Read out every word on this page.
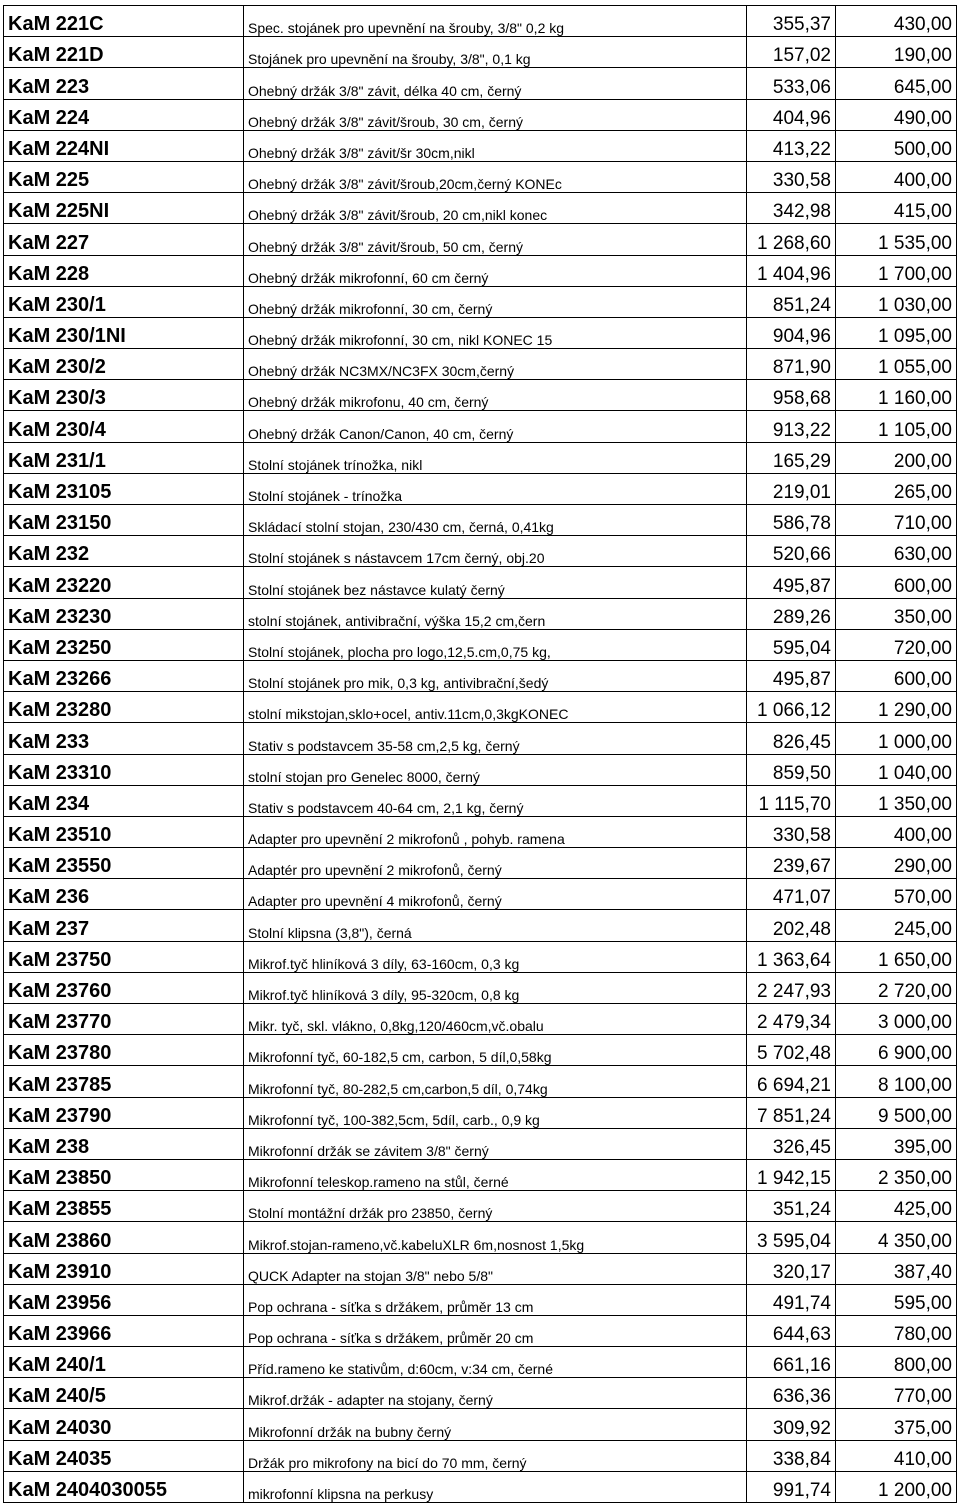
KaM 221C	Spec. stojánek pro upevnění na šrouby, 3/8" 0,2 kg	355,37	430,00
KaM 221D	Stojánek pro upevnění na šrouby, 3/8", 0,1 kg	157,02	190,00
KaM 223	Ohebný držák 3/8" závit, délka 40 cm, černý	533,06	645,00
KaM 224	Ohebný držák 3/8" závit/šroub, 30 cm, černý	404,96	490,00
KaM 224NI	Ohebný držák 3/8" závit/šr 30cm,nikl	413,22	500,00
KaM 225	Ohebný držák 3/8" závit/šroub,20cm,černý KONEc	330,58	400,00
KaM 225NI	Ohebný držák 3/8" závit/šroub, 20 cm,nikl konec	342,98	415,00
KaM 227	Ohebný držák 3/8" závit/šroub, 50 cm, černý	1 268,60	1 535,00
KaM 228	Ohebný držák mikrofonní, 60 cm černý	1 404,96	1 700,00
KaM 230/1	Ohebný držák mikrofonní, 30 cm, černý	851,24	1 030,00
KaM 230/1NI	Ohebný držák mikrofonní, 30 cm, nikl KONEC 15	904,96	1 095,00
KaM 230/2	Ohebný držák NC3MX/NC3FX 30cm,černý	871,90	1 055,00
KaM 230/3	Ohebný držák mikrofonu, 40 cm, černý	958,68	1 160,00
KaM 230/4	Ohebný držák Canon/Canon, 40 cm, černý	913,22	1 105,00
KaM 231/1	Stolní stojánek trínožka, nikl	165,29	200,00
KaM 23105	Stolní stojánek - trínožka	219,01	265,00
KaM 23150	Skládací stolní stojan, 230/430 cm, černá, 0,41kg	586,78	710,00
KaM 232	Stolní stojánek s nástavcem 17cm černý, obj.20	520,66	630,00
KaM 23220	Stolní stojánek bez nástavce kulatý černý	495,87	600,00
KaM 23230	stolní stojánek, antivibrační, výška 15,2 cm,čern	289,26	350,00
KaM 23250	Stolní stojánek, plocha pro logo,12,5.cm,0,75 kg,	595,04	720,00
KaM 23266	Stolní stojánek pro mik, 0,3 kg, antivibrační,šedý	495,87	600,00
KaM 23280	stolní mikstojan,sklo+ocel, antiv.11cm,0,3kgKONEC	1 066,12	1 290,00
KaM 233	Stativ s podstavcem 35-58 cm,2,5 kg, černý	826,45	1 000,00
KaM 23310	stolní stojan pro Genelec 8000, černý	859,50	1 040,00
KaM 234	Stativ s podstavcem 40-64 cm, 2,1 kg, černý	1 115,70	1 350,00
KaM 23510	Adapter pro upevnění 2 mikrofonů , pohyb. ramena	330,58	400,00
KaM 23550	Adaptér pro upevnění 2 mikrofonů, černý	239,67	290,00
KaM 236	Adapter pro upevnění 4 mikrofonů, černý	471,07	570,00
KaM 237	Stolní klipsna (3,8"), černá	202,48	245,00
KaM 23750	Mikrof.tyč hliníková 3 díly, 63-160cm, 0,3 kg	1 363,64	1 650,00
KaM 23760	Mikrof.tyč hliníková 3 díly, 95-320cm, 0,8 kg	2 247,93	2 720,00
KaM 23770	Mikr. tyč, skl. vlákno, 0,8kg,120/460cm,vč.obalu	2 479,34	3 000,00
KaM 23780	Mikrofonní tyč, 60-182,5 cm, carbon, 5 díl,0,58kg	5 702,48	6 900,00
KaM 23785	Mikrofonní tyč, 80-282,5 cm,carbon,5 díl, 0,74kg	6 694,21	8 100,00
KaM 23790	Mikrofonní tyč, 100-382,5cm, 5díl, carb., 0,9 kg	7 851,24	9 500,00
KaM 238	Mikrofonní držák se závitem 3/8" černý	326,45	395,00
KaM 23850	Mikrofonní teleskop.rameno na stůl, černé	1 942,15	2 350,00
KaM 23855	Stolní montážní držák pro 23850, černý	351,24	425,00
KaM 23860	Mikrof.stojan-rameno,vč.kabeluXLR 6m,nosnost 1,5kg	3 595,04	4 350,00
KaM 23910	QUCK Adapter na stojan 3/8" nebo 5/8"	320,17	387,40
KaM 23956	Pop ochrana - síťka s držákem, průměr 13 cm	491,74	595,00
KaM 23966	Pop ochrana - síťka s držákem, průměr 20 cm	644,63	780,00
KaM 240/1	Příd.rameno ke stativům, d:60cm, v:34 cm, černé	661,16	800,00
KaM 240/5	Mikrof.držák - adapter na stojany, černý	636,36	770,00
KaM 24030	Mikrofonní držák na bubny černý	309,92	375,00
KaM 24035	Držák pro mikrofony na bicí do 70 mm, černý	338,84	410,00
KaM 2404030055	mikrofonní klipsna na perkusy	991,74	1 200,00
